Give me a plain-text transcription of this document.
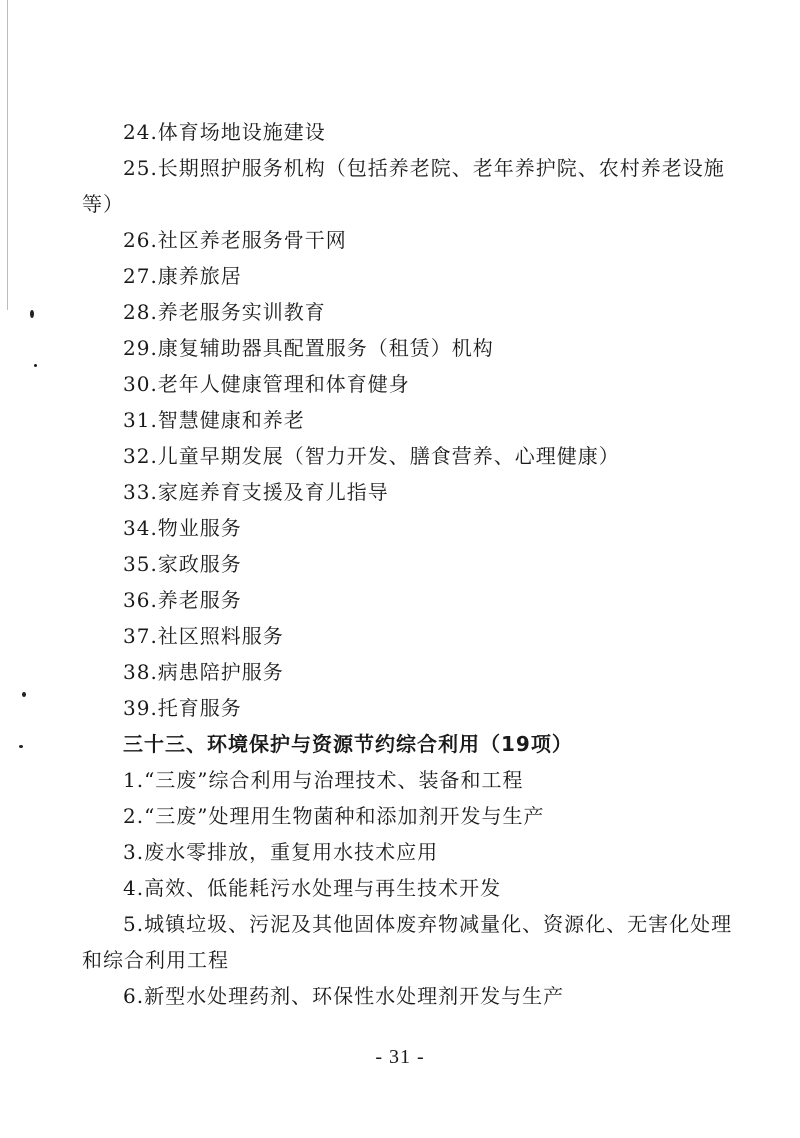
24.体育场地设施建设
25.长期照护服务机构（包括养老院、老年养护院、农村养老设施
等）
26.社区养老服务骨干网
27.康养旅居
28.养老服务实训教育
29.康复辅助器具配置服务（租赁）机构
30.老年人健康管理和体育健身
31.智慧健康和养老
32.儿童早期发展（智力开发、膳食营养、心理健康）
33.家庭养育支援及育儿指导
34.物业服务
35.家政服务
36.养老服务
37.社区照料服务
38.病患陪护服务
39.托育服务
三十三、环境保护与资源节约综合利用（19项）
1.“三废”综合利用与治理技术、装备和工程
2.“三废”处理用生物菌种和添加剂开发与生产
3.废水零排放，重复用水技术应用
4.高效、低能耗污水处理与再生技术开发
5.城镇垃圾、污泥及其他固体废弃物减量化、资源化、无害化处理
和综合利用工程
6.新型水处理药剂、环保性水处理剂开发与生产
- 31 -
